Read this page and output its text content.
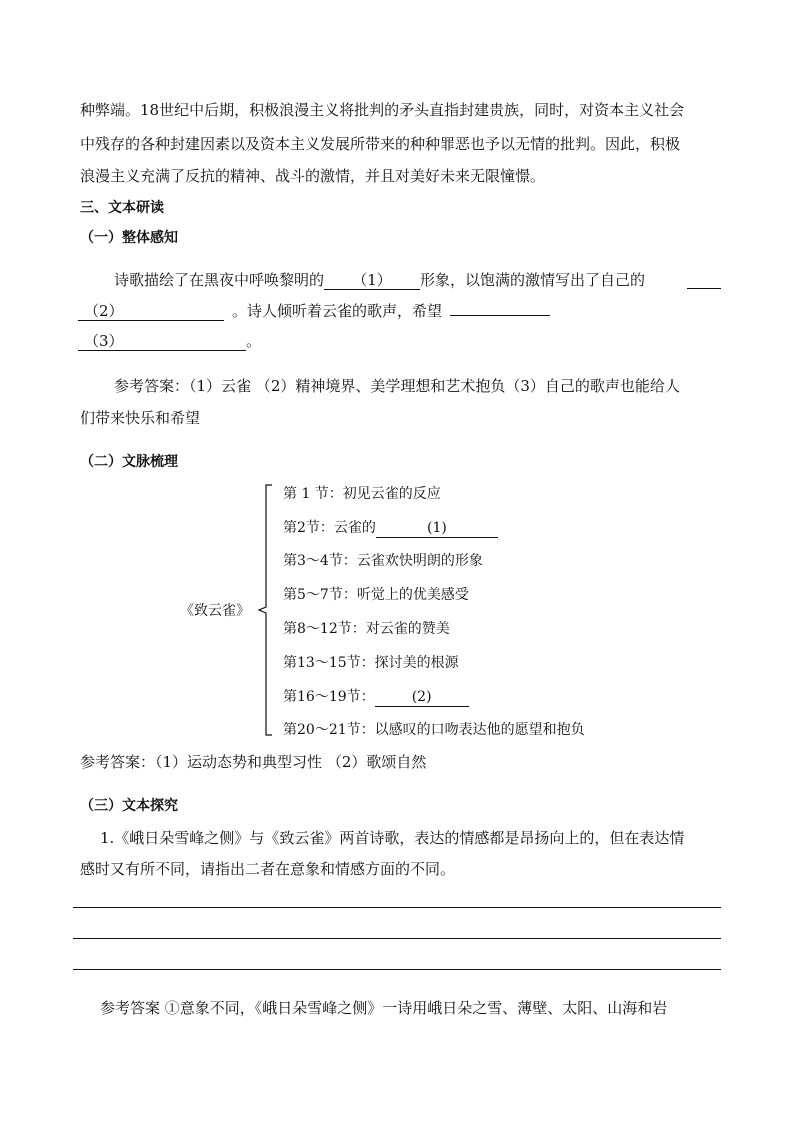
种弊端。18世纪中后期，积极浪漫主义将批判的矛头直指封建贵族，同时，对资本主义社会
中残存的各种封建因素以及资本主义发展所带来的种种罪恶也予以无情的批判。因此，积极
浪漫主义充满了反抗的精神、战斗的激情，并且对美好未来无限憧憬。
三、文本研读
（一）整体感知
诗歌描绘了在黑夜中呼唤黎明的 （1） 形象，以饱满的激情写出了自己的
（2）	。诗人倾听着云雀的歌声，希望
（3）	。
参考答案：（1）云雀 （2）精神境界、美学理想和艺术抱负（3）自己的歌声也能给人
们带来快乐和希望
（二）文脉梳理
《致云雀》
第 1 节：初见云雀的反应
第2节：云雀的	(1)
第3～4节：云雀欢快明朗的形象
第5～7节：听觉上的优美感受
第8～12节：对云雀的赞美
第13～15节：探讨美的根源
第16～19节：	(2)
第20～21节：以感叹的口吻表达他的愿望和抱负
参考答案：（1）运动态势和典型习性 （2）歌颂自然
（三）文本探究
1.《峨日朵雪峰之侧》与《致云雀》两首诗歌，表达的情感都是昂扬向上的，但在表达情
感时又有所不同，请指出二者在意象和情感方面的不同。
参考答案 ①意象不同，《峨日朵雪峰之侧》一诗用峨日朵之雪、薄壁、太阳、山海和岩
